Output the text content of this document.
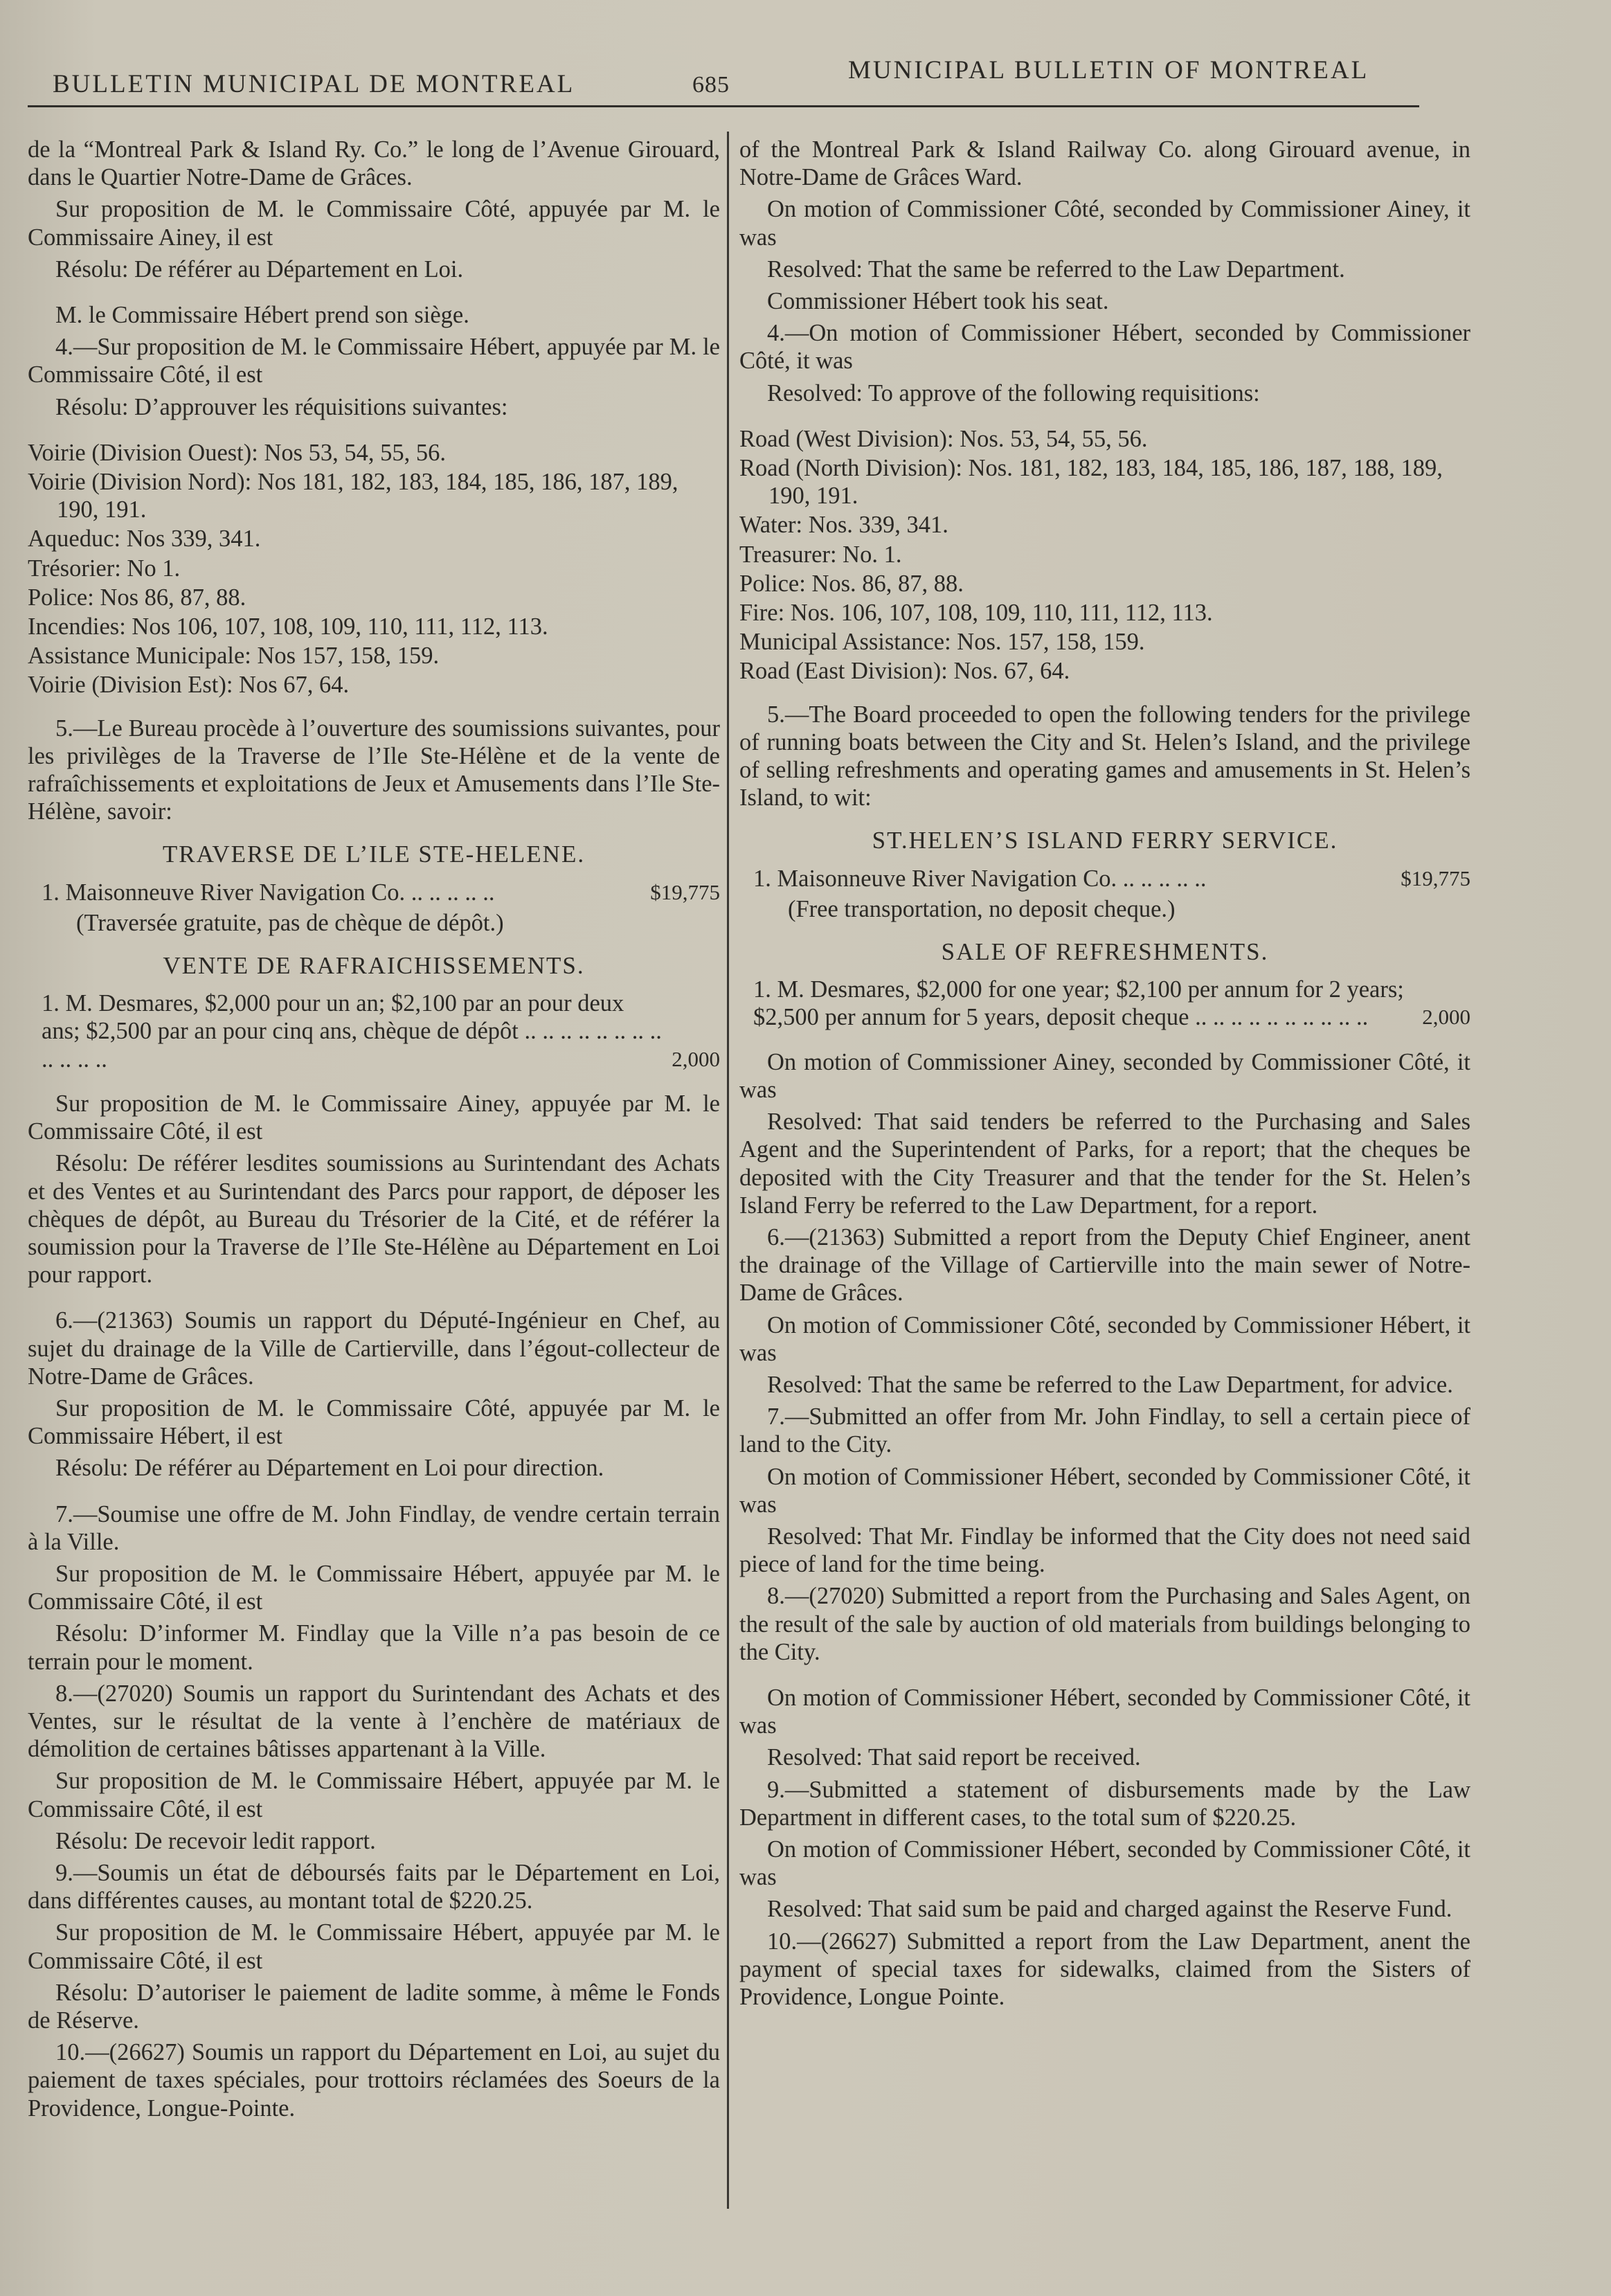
BULLETIN MUNICIPAL DE MONTREAL	685
MUNICIPAL BULLETIN OF MONTREAL

de la “Montreal Park & Island Ry. Co.” le long de l’Avenue Girouard, dans le Quartier Notre-Dame de Grâces.

Sur proposition de M. le Commissaire Côté, appuyée par M. le Commissaire Ainey, il est

Résolu: De référer au Département en Loi.

M. le Commissaire Hébert prend son siège.

4.—Sur proposition de M. le Commissaire Hébert, appuyée par M. le Commissaire Côté, il est

Résolu: D’approuver les réquisitions suivantes:

Voirie (Division Ouest): Nos 53, 54, 55, 56.

Voirie (Division Nord): Nos 181, 182, 183, 184, 185, 186, 187, 189, 190, 191.

Aqueduc: Nos 339, 341.

Trésorier: No 1.

Police: Nos 86, 87, 88.

Incendies: Nos 106, 107, 108, 109, 110, 111, 112, 113.

Assistance Municipale: Nos 157, 158, 159.

Voirie (Division Est): Nos 67, 64.

5.—Le Bureau procède à l’ouverture des soumissions suivantes, pour les privilèges de la Traverse de l’Ile Ste-Hélène et de la vente de rafraîchissements et exploitations de Jeux et Amusements dans l’Ile Ste-Hélène, savoir:

TRAVERSE DE L’ILE STE-HELENE.
1. Maisonneuve River Navigation Co. .. .. .. .. ..	$19,775

(Traversée gratuite, pas de chèque de dépôt.)

VENTE DE RAFRAICHISSEMENTS.
1. M. Desmares, $2,000 pour un an; $2,100 par an pour deux ans; $2,500 par an pour cinq ans, chèque de dépôt .. .. .. .. .. .. .. .. .. .. .. ..	2,000

Sur proposition de M. le Commissaire Ainey, appuyée par M. le Commissaire Côté, il est

Résolu: De référer lesdites soumissions au Surintendant des Achats et des Ventes et au Surintendant des Parcs pour rapport, de déposer les chèques de dépôt, au Bureau du Trésorier de la Cité, et de référer la soumission pour la Traverse de l’Ile Ste-Hélène au Département en Loi pour rapport.

6.—(21363) Soumis un rapport du Député-Ingénieur en Chef, au sujet du drainage de la Ville de Cartierville, dans l’égout-collecteur de Notre-Dame de Grâces.

Sur proposition de M. le Commissaire Côté, appuyée par M. le Commissaire Hébert, il est

Résolu: De référer au Département en Loi pour direction.

7.—Soumise une offre de M. John Findlay, de vendre certain terrain à la Ville.

Sur proposition de M. le Commissaire Hébert, appuyée par M. le Commissaire Côté, il est

Résolu: D’informer M. Findlay que la Ville n’a pas besoin de ce terrain pour le moment.

8.—(27020) Soumis un rapport du Surintendant des Achats et des Ventes, sur le résultat de la vente à l’enchère de matériaux de démolition de certaines bâtisses appartenant à la Ville.

Sur proposition de M. le Commissaire Hébert, appuyée par M. le Commissaire Côté, il est

Résolu: De recevoir ledit rapport.

9.—Soumis un état de déboursés faits par le Département en Loi, dans différentes causes, au montant total de $220.25.

Sur proposition de M. le Commissaire Hébert, appuyée par M. le Commissaire Côté, il est

Résolu: D’autoriser le paiement de ladite somme, à même le Fonds de Réserve.

10.—(26627) Soumis un rapport du Département en Loi, au sujet du paiement de taxes spéciales, pour trottoirs réclamées des Soeurs de la Providence, Longue-Pointe.

of the Montreal Park & Island Railway Co. along Girouard avenue, in Notre-Dame de Grâces Ward.

On motion of Commissioner Côté, seconded by Commissioner Ainey, it was

Resolved: That the same be referred to the Law Department.

Commissioner Hébert took his seat.

4.—On motion of Commissioner Hébert, seconded by Commissioner Côté, it was

Resolved: To approve of the following requisitions:

Road (West Division): Nos. 53, 54, 55, 56.

Road (North Division): Nos. 181, 182, 183, 184, 185, 186, 187, 188, 189, 190, 191.

Water: Nos. 339, 341.

Treasurer: No. 1.

Police: Nos. 86, 87, 88.

Fire: Nos. 106, 107, 108, 109, 110, 111, 112, 113.

Municipal Assistance: Nos. 157, 158, 159.

Road (East Division): Nos. 67, 64.

5.—The Board proceeded to open the following tenders for the privilege of running boats between the City and St. Helen’s Island, and the privilege of selling refreshments and operating games and amusements in St. Helen’s Island, to wit:

ST.HELEN’S ISLAND FERRY SERVICE.
1. Maisonneuve River Navigation Co. .. .. .. .. ..	$19,775

(Free transportation, no deposit cheque.)

SALE OF REFRESHMENTS.
1. M. Desmares, $2,000 for one year; $2,100 per annum for 2 years; $2,500 per annum for 5 years, deposit cheque .. .. .. .. .. .. .. .. .. ..	2,000

On motion of Commissioner Ainey, seconded by Commissioner Côté, it was

Resolved: That said tenders be referred to the Purchasing and Sales Agent and the Superintendent of Parks, for a report; that the cheques be deposited with the City Treasurer and that the tender for the St. Helen’s Island Ferry be referred to the Law Department, for a report.

6.—(21363) Submitted a report from the Deputy Chief Engineer, anent the drainage of the Village of Cartierville into the main sewer of Notre-Dame de Grâces.

On motion of Commissioner Côté, seconded by Commissioner Hébert, it was

Resolved: That the same be referred to the Law Department, for advice.

7.—Submitted an offer from Mr. John Findlay, to sell a certain piece of land to the City.

On motion of Commissioner Hébert, seconded by Commissioner Côté, it was

Resolved: That Mr. Findlay be informed that the City does not need said piece of land for the time being.

8.—(27020) Submitted a report from the Purchasing and Sales Agent, on the result of the sale by auction of old materials from buildings belonging to the City.

On motion of Commissioner Hébert, seconded by Commissioner Côté, it was

Resolved: That said report be received.

9.—Submitted a statement of disbursements made by the Law Department in different cases, to the total sum of $220.25.

On motion of Commissioner Hébert, seconded by Commissioner Côté, it was

Resolved: That said sum be paid and charged against the Reserve Fund.

10.—(26627) Submitted a report from the Law Department, anent the payment of special taxes for sidewalks, claimed from the Sisters of Providence, Longue Pointe.
